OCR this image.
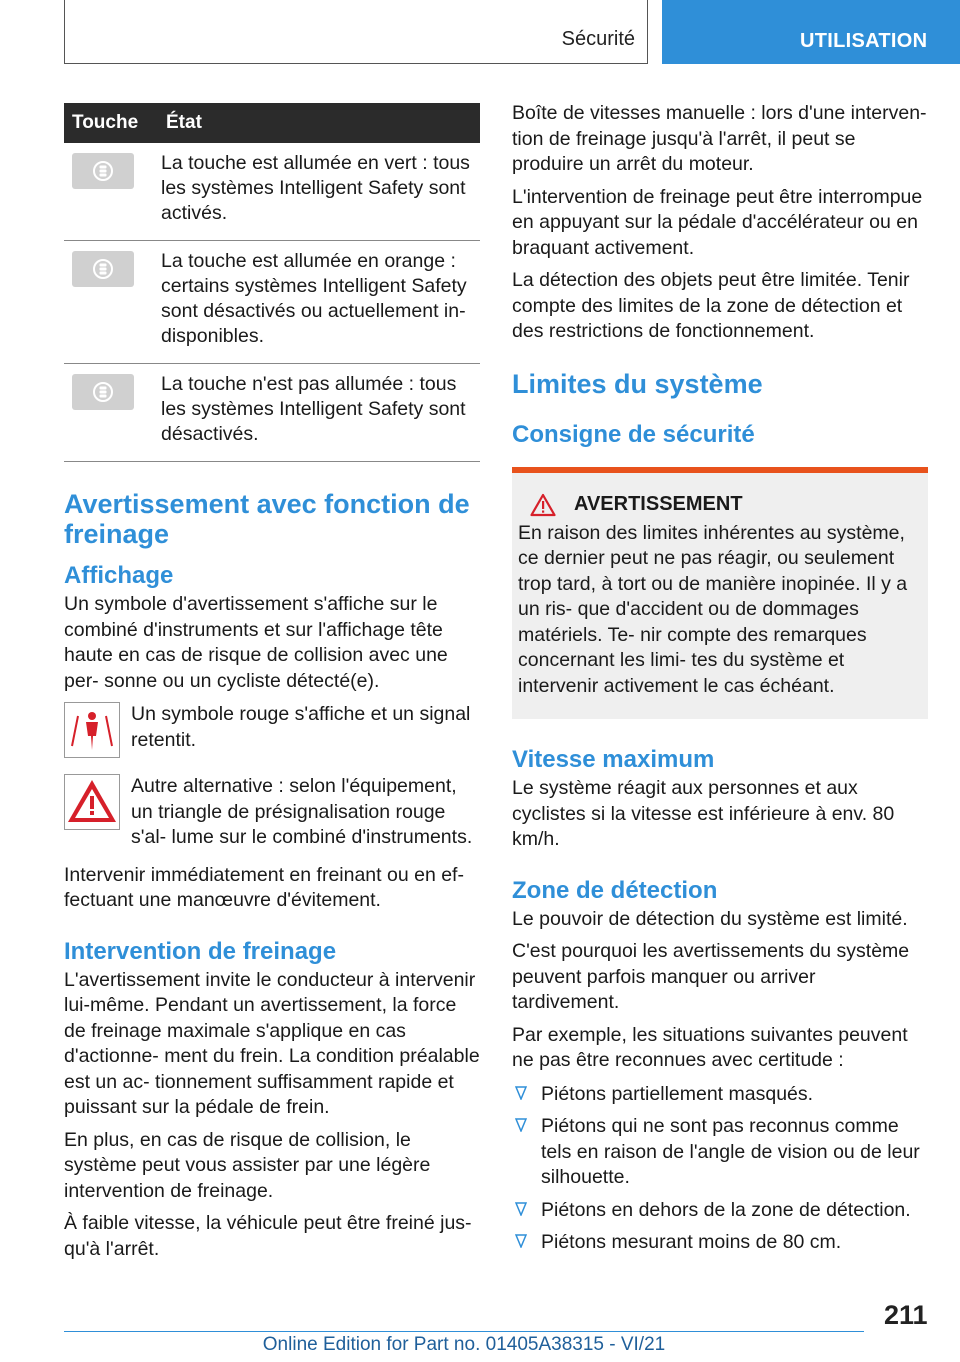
Sécurité	UTILISATION
Touche	État

	La touche est allumée en vert : tous les systèmes Intelligent Safety sont activés.

	La touche est allumée en orange : certains systèmes Intelligent Safety sont désactivés ou actuellement in- disponibles.

	La touche n'est pas allumée : tous les systèmes Intelligent Safety sont désactivés.
Avertissement avec fonction de freinage
Affichage

Un symbole d'avertissement s'affiche sur le combiné d'instruments et sur l'affichage tête haute en cas de risque de collision avec une per- sonne ou un cycliste détecté(e).

Un symbole rouge s'affiche et un signal retentit.

Autre alternative : selon l'équipement, un triangle de présignalisation rouge s'al- lume sur le combiné d'instruments.

Intervenir immédiatement en freinant ou en ef- fectuant une manœuvre d'évitement.

Intervention de freinage

L'avertissement invite le conducteur à intervenir lui-même. Pendant un avertissement, la force de freinage maximale s'applique en cas d'actionne- ment du frein. La condition préalable est un ac- tionnement suffisamment rapide et puissant sur la pédale de frein.

En plus, en cas de risque de collision, le système peut vous assister par une légère intervention de freinage.

À faible vitesse, la véhicule peut être freiné jus- qu'à l'arrêt.

Boîte de vitesses manuelle : lors d'une interven- tion de freinage jusqu'à l'arrêt, il peut se produire un arrêt du moteur.

L'intervention de freinage peut être interrompue en appuyant sur la pédale d'accélérateur ou en braquant activement.

La détection des objets peut être limitée. Tenir compte des limites de la zone de détection et des restrictions de fonctionnement.

Limites du système
Consigne de sécurité
AVERTISSEMENT

En raison des limites inhérentes au système, ce dernier peut ne pas réagir, ou seulement trop tard, à tort ou de manière inopinée. Il y a un ris- que d'accident ou de dommages matériels. Te- nir compte des remarques concernant les limi- tes du système et intervenir activement le cas échéant.

Vitesse maximum

Le système réagit aux personnes et aux cyclistes si la vitesse est inférieure à env. 80 km/h.

Zone de détection

Le pouvoir de détection du système est limité.

C'est pourquoi les avertissements du système peuvent parfois manquer ou arriver tardivement.

Par exemple, les situations suivantes peuvent ne pas être reconnues avec certitude :

Piétons partiellement masqués.
Piétons qui ne sont pas reconnus comme tels en raison de l'angle de vision ou de leur silhouette.
Piétons en dehors de la zone de détection.
Piétons mesurant moins de 80 cm.
211
Online Edition for Part no. 01405A38315 - VI/21
